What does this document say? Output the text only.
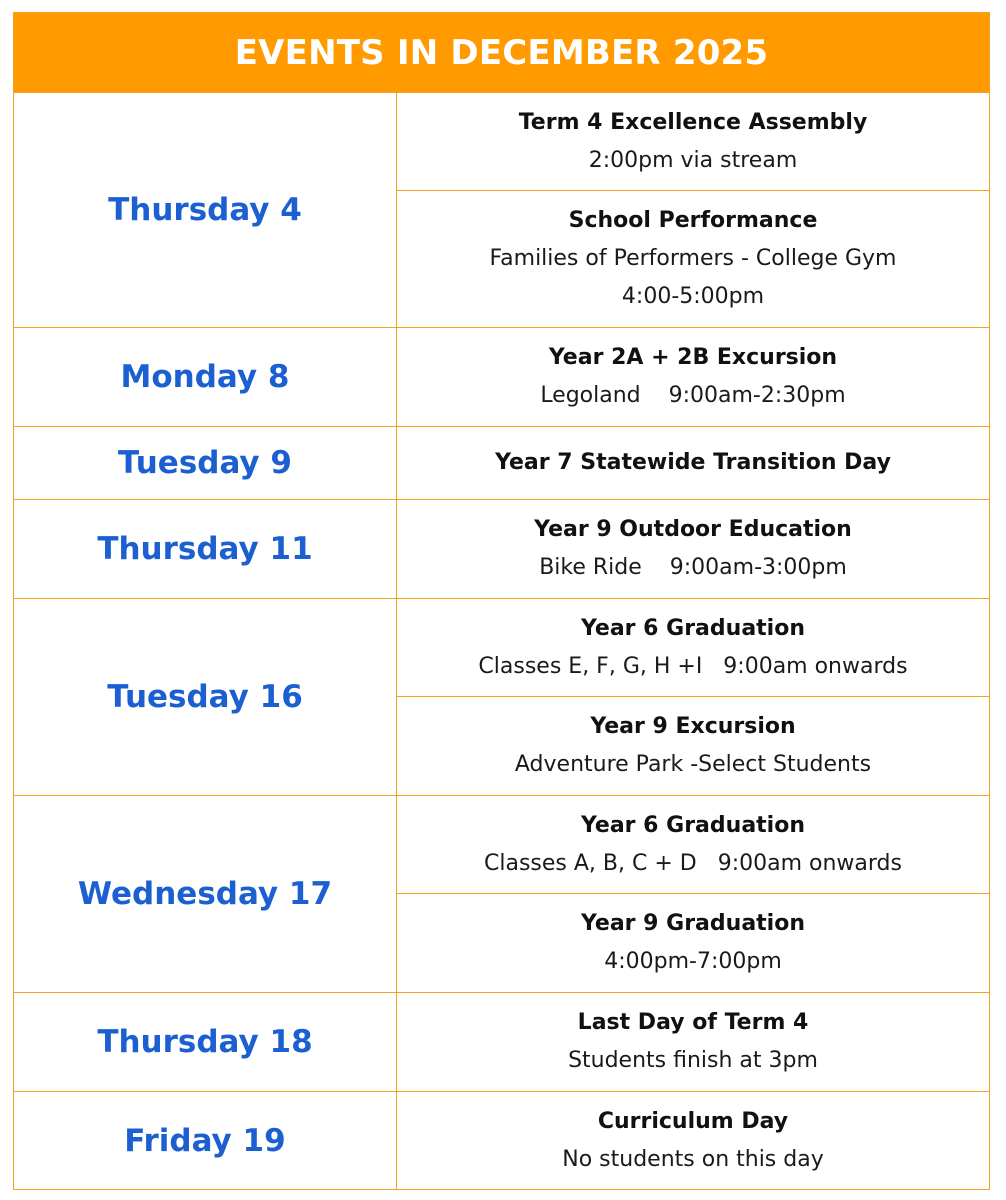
EVENTS IN DECEMBER 2025
Thursday 4
Term 4 Excellence Assembly
2:00pm via stream
School Performance
Families of Performers - College Gym
4:00-5:00pm
Monday 8
Year 2A + 2B Excursion
Legoland    9:00am-2:30pm
Tuesday 9	Year 7 Statewide Transition Day
Thursday 11
Year 9 Outdoor Education
Bike Ride    9:00am-3:00pm
Tuesday 16
Year 6 Graduation
Classes E, F, G, H +I   9:00am onwards
Year 9 Excursion
Adventure Park -Select Students
Wednesday 17
Year 6 Graduation
Classes A, B, C + D   9:00am onwards
Year 9 Graduation
4:00pm-7:00pm
Thursday 18
Last Day of Term 4
Students finish at 3pm
Friday 19
Curriculum Day
No students on this day
